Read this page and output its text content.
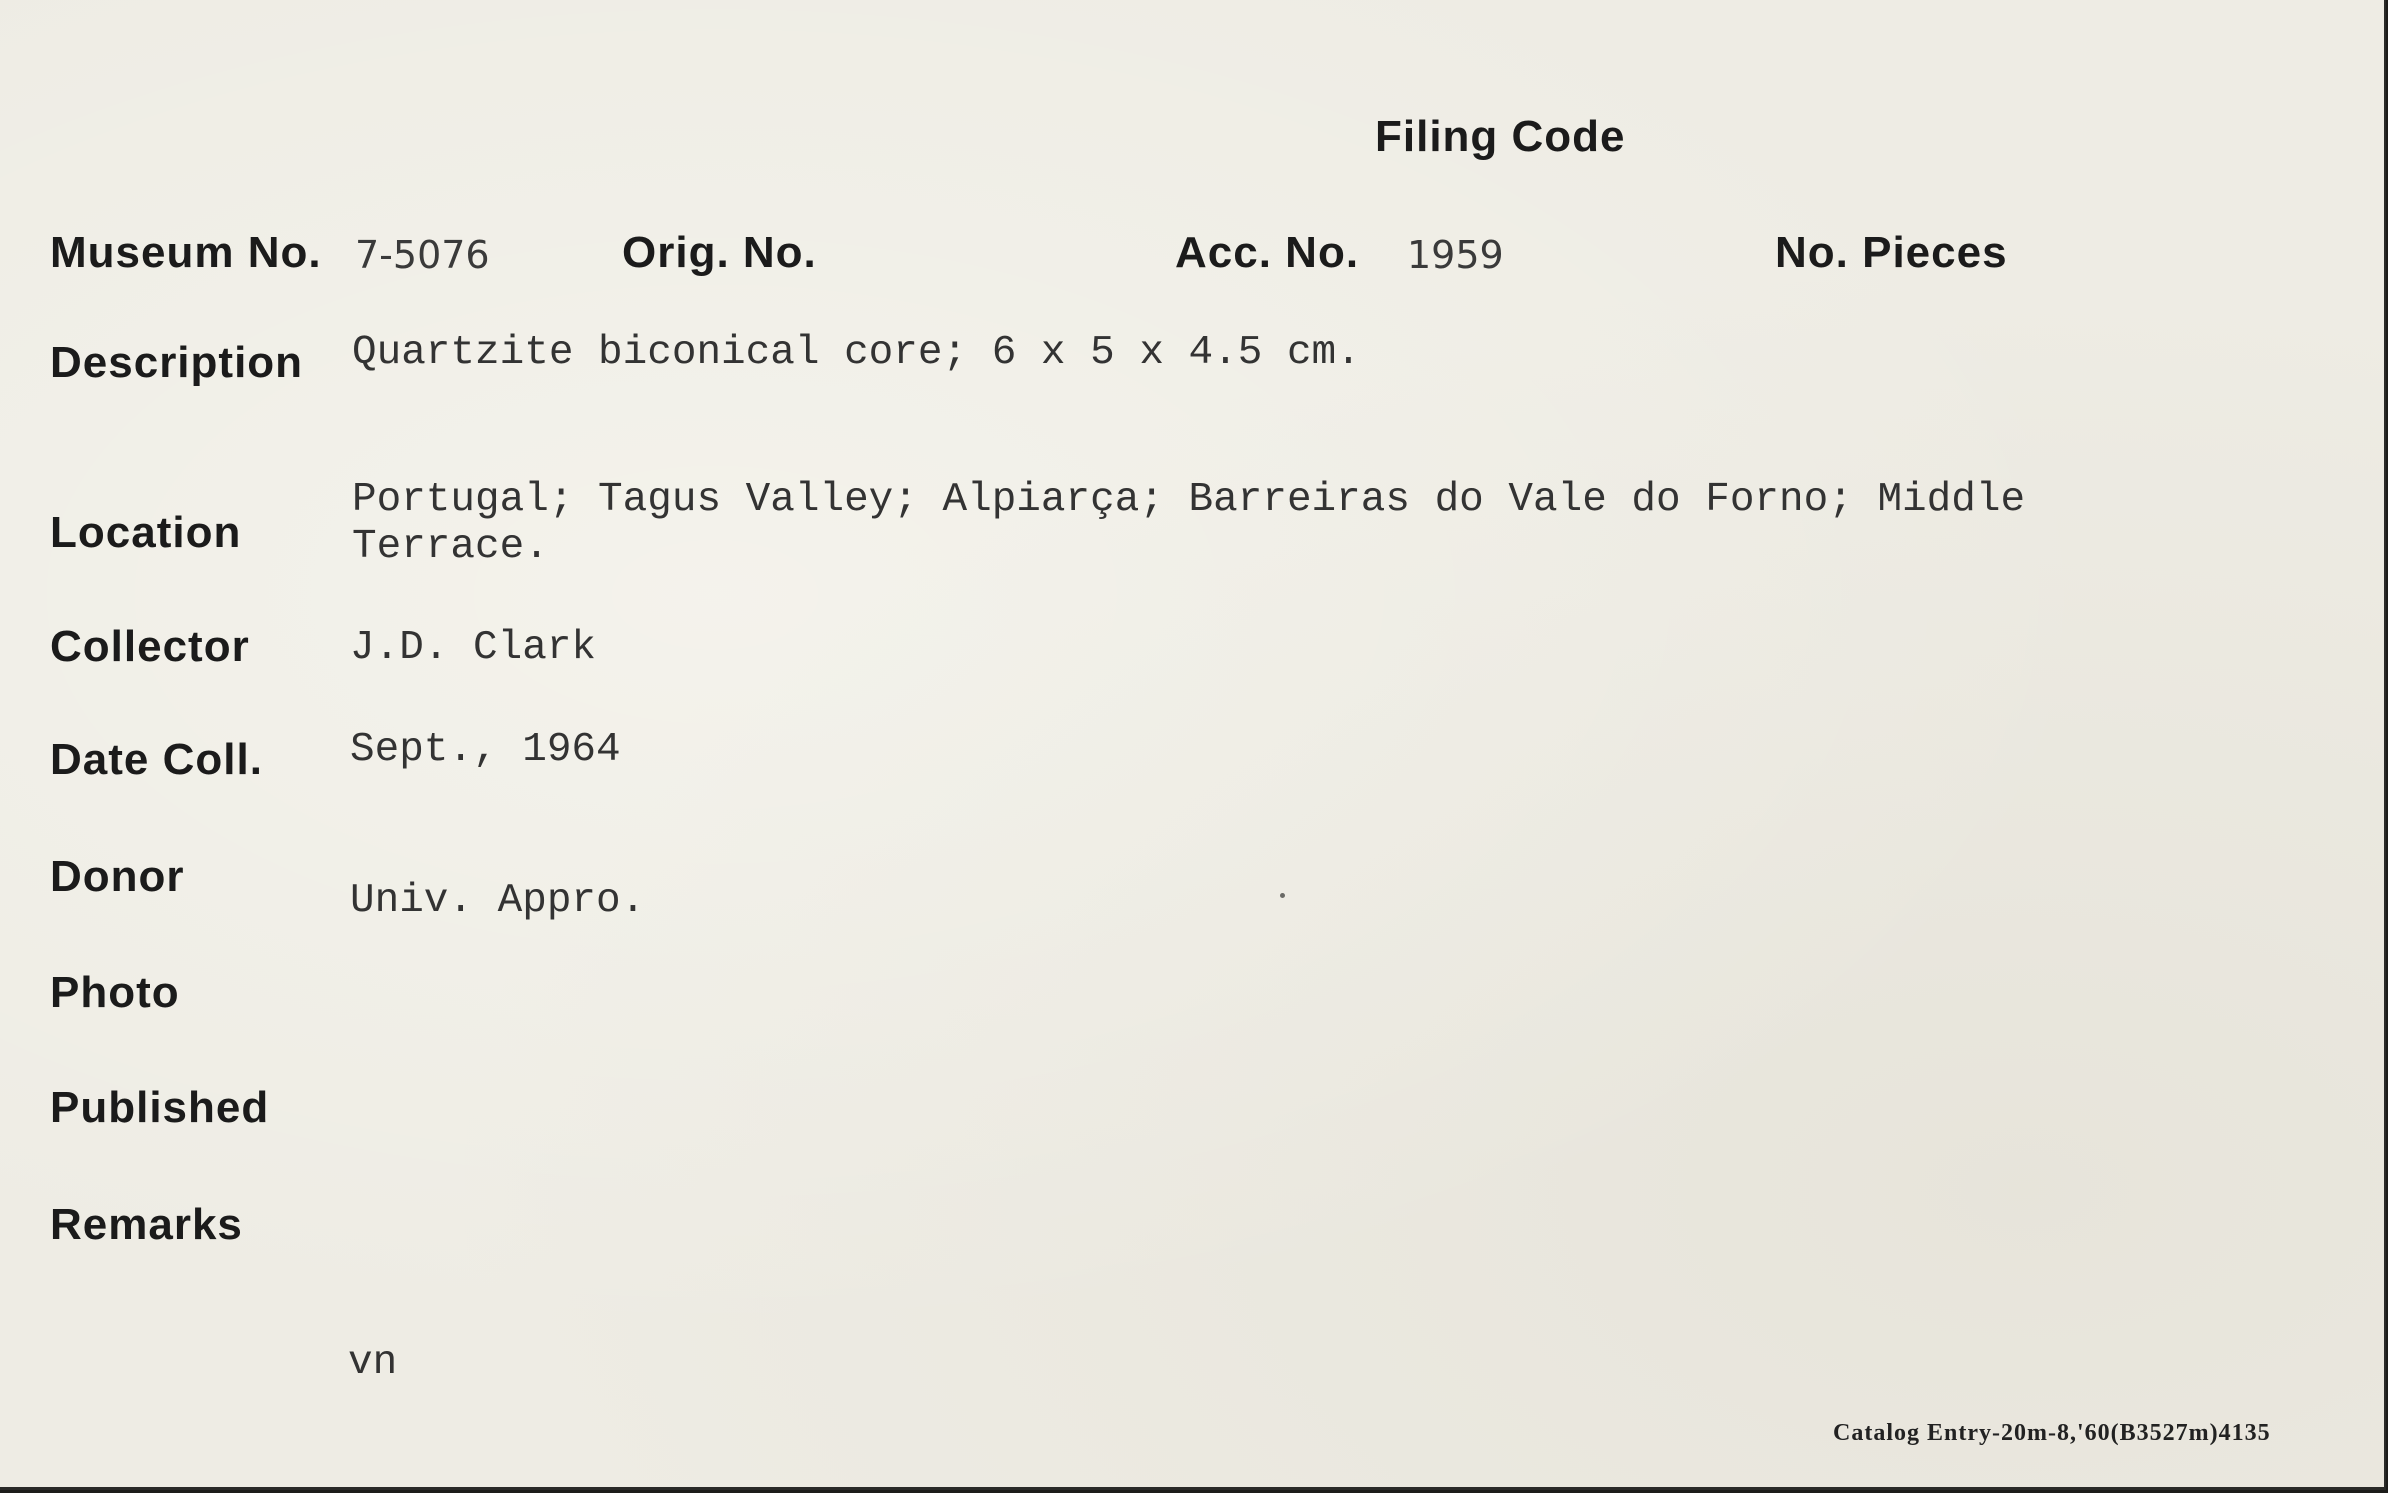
Filing Code
Museum No. 7-5076	Orig. No.	Acc. No. 1959	No. Pieces
Description Quartzite biconical core; 6 x 5 x 4.5 cm.
Location
Portugal; Tagus Valley; Alpiarça; Barreiras do Vale do Forno; Middle
Terrace.
Collector J.D. Clark
Date Coll. Sept., 1964
Donor	Univ. Appro.
Photo
Published
Remarks
vn
Catalog Entry-20m-8,'60(B3527m)4135
